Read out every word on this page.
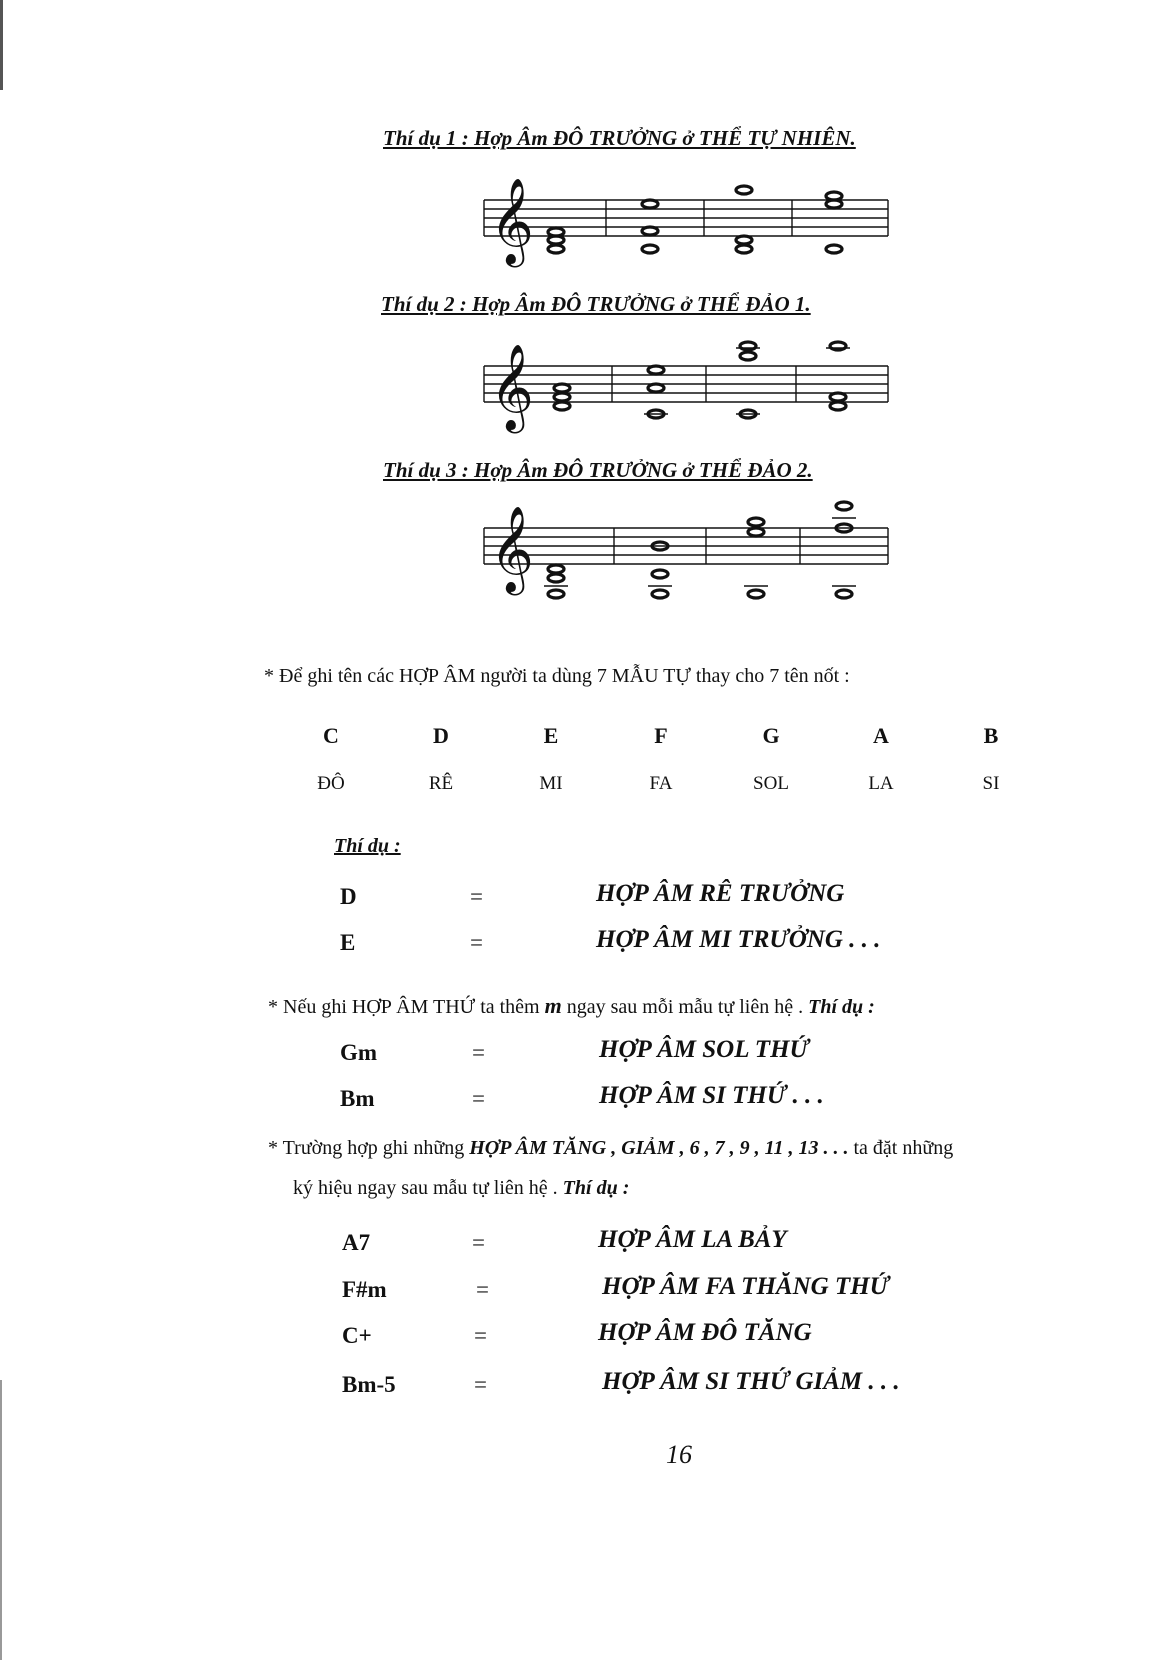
Thí dụ 1 : Hợp Âm ĐÔ TRƯỞNG ở THỂ TỰ NHIÊN.
𝄞
Thí dụ 2 : Hợp Âm ĐÔ TRƯỞNG ở THỂ ĐẢO 1.
𝄞
Thí dụ 3 : Hợp Âm ĐÔ TRƯỞNG ở THỂ ĐẢO 2.
𝄞
* Để ghi tên các HỢP ÂM người ta dùng 7 MẪU TỰ thay cho 7 tên nốt :
C	D	E	F	G	A	B
ĐÔ	RÊ	MI	FA	SOL	LA	SI
Thí dụ :
D	=	HỢP ÂM RÊ TRƯỞNG
E	=	HỢP ÂM MI TRƯỞNG . . .
* Nếu ghi HỢP ÂM THỨ ta thêm m ngay sau mỗi mẫu tự liên hệ . Thí dụ :
Gm	=	HỢP ÂM SOL THỨ
Bm	=	HỢP ÂM SI THỨ . . .
* Trường hợp ghi những HỢP ÂM TĂNG , GIẢM , 6 , 7 , 9 , 11 , 13 . . . ta đặt những
ký hiệu ngay sau mẫu tự liên hệ . Thí dụ :
A7	=	HỢP ÂM LA BẢY
F#m	=	HỢP ÂM FA THĂNG THỨ
C+	=	HỢP ÂM ĐÔ TĂNG
Bm-5	=	HỢP ÂM SI THỨ GIẢM . . .
16
